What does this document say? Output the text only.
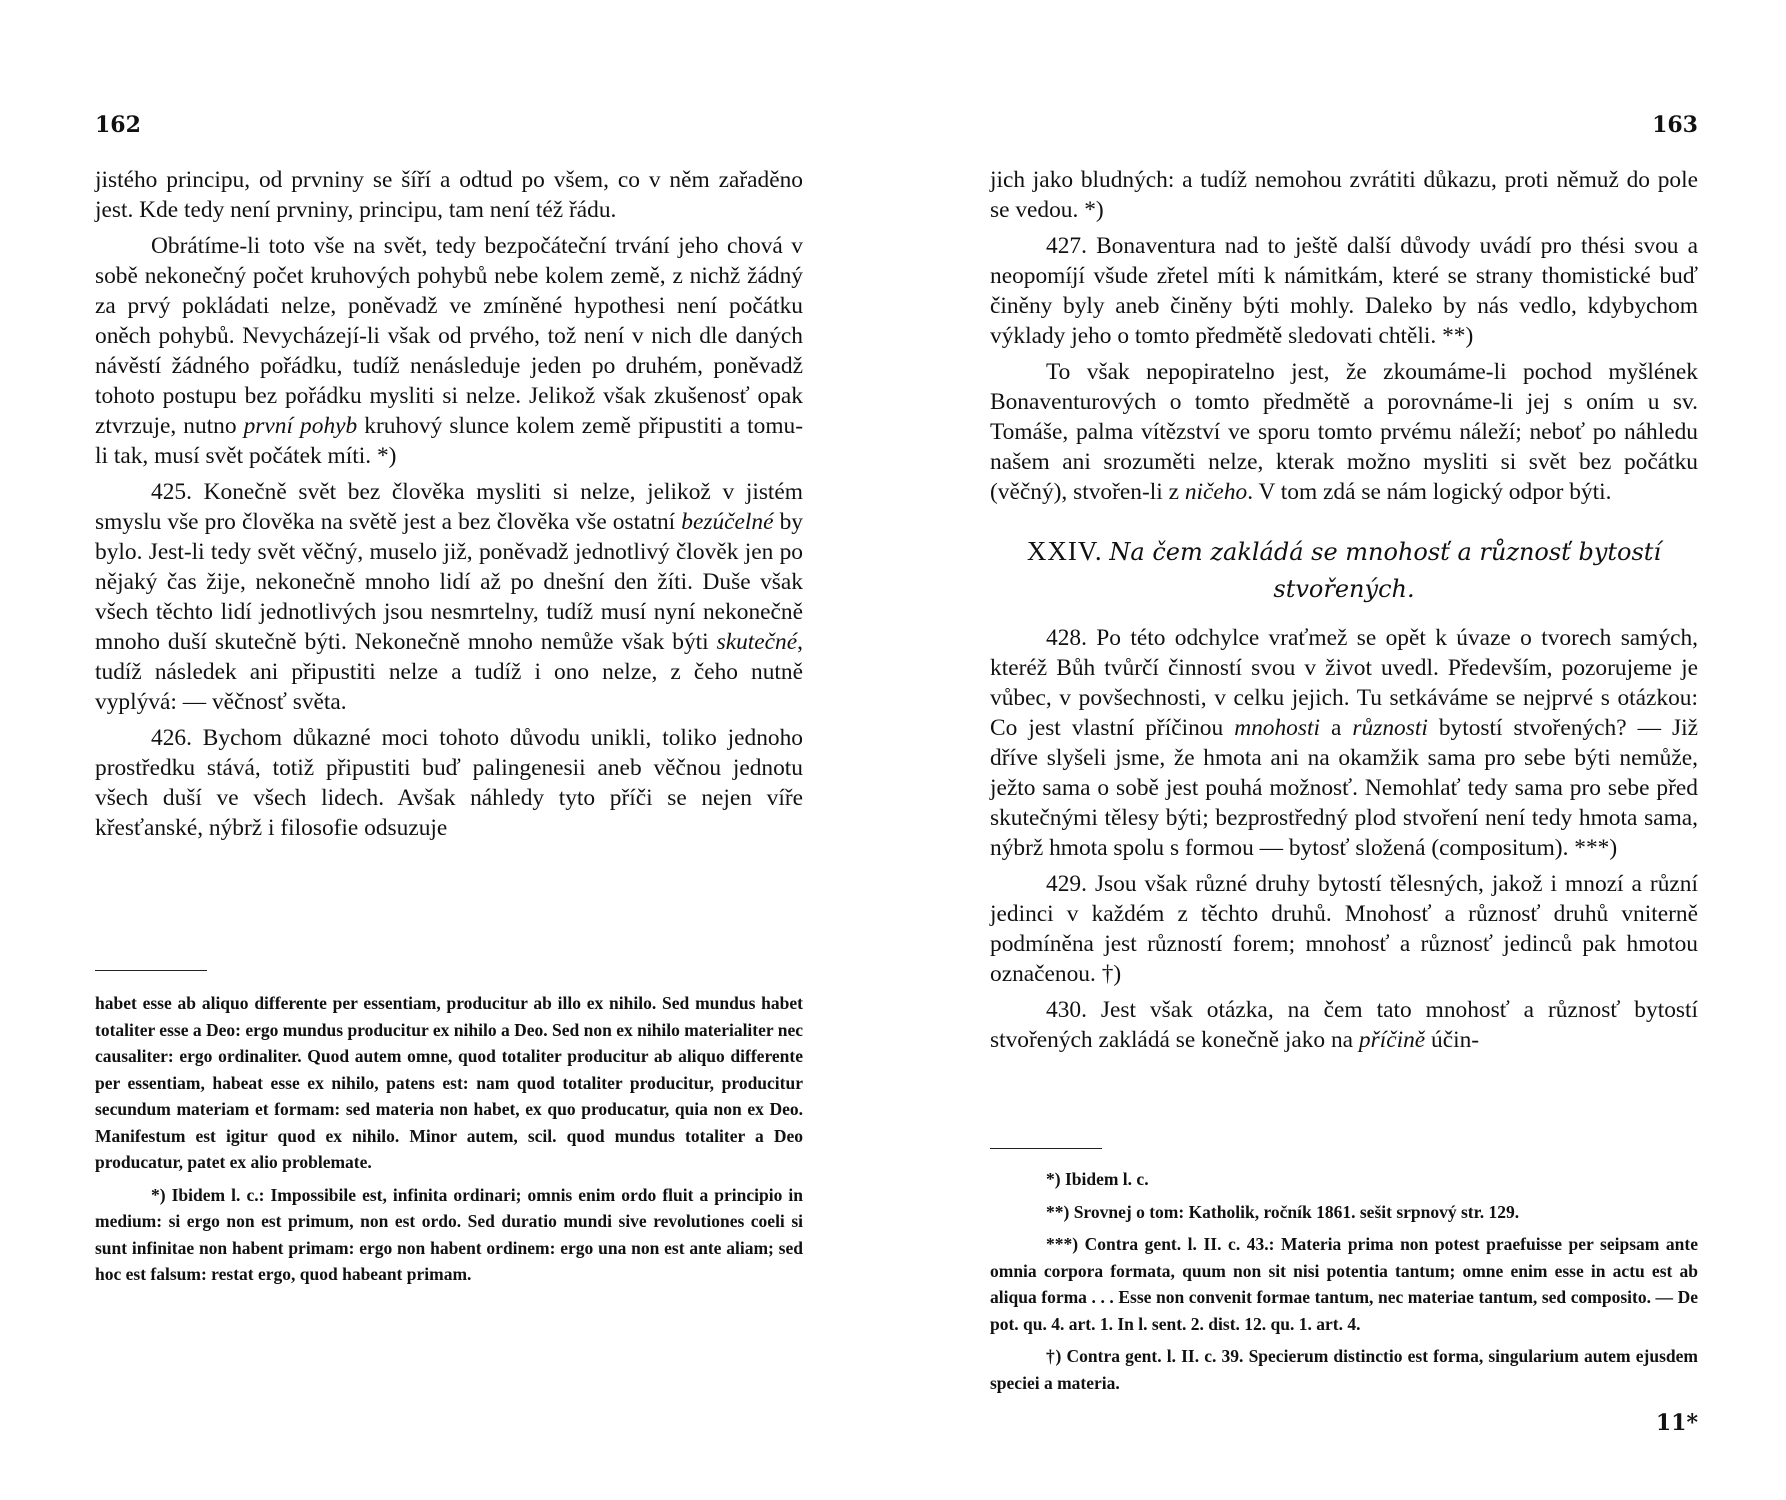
162

jistého principu, od prvniny se šíří a odtud po všem, co v něm zařaděno jest. Kde tedy není prvniny, principu, tam není též řádu.

Obrátíme-li toto vše na svět, tedy bezpočáteční trvání jeho chová v sobě nekonečný počet kruhových pohybů nebe kolem země, z nichž žádný za prvý pokládati nelze, poněvadž ve zmíněné hypothesi není počátku oněch pohybů. Nevycházejí-li však od prvého, tož není v nich dle daných návěstí žádného pořádku, tudíž nenásleduje jeden po druhém, poněvadž tohoto postupu bez pořádku mysliti si nelze. Jelikož však zkušenosť opak ztvrzuje, nutno první pohyb kruhový slunce kolem země připustiti a tomu-li tak, musí svět počátek míti. *)

425. Konečně svět bez člověka mysliti si nelze, jelikož v jistém smyslu vše pro člověka na světě jest a bez člověka vše ostatní bezúčelné by bylo. Jest-li tedy svět věčný, muselo již, poněvadž jednotlivý člověk jen po nějaký čas žije, nekonečně mnoho lidí až po dnešní den žíti. Duše však všech těchto lidí jednotlivých jsou nesmrtelny, tudíž musí nyní nekonečně mnoho duší skutečně býti. Nekonečně mnoho nemůže však býti skutečné, tudíž následek ani připustiti nelze a tudíž i ono nelze, z čeho nutně vyplývá: — věčnosť světa.

426. Bychom důkazné moci tohoto důvodu unikli, toliko jednoho prostředku stává, totiž připustiti buď palingenesii aneb věčnou jednotu všech duší ve všech lidech. Avšak náhledy tyto příči se nejen víře křesťanské, nýbrž i filosofie odsuzuje

habet esse ab aliquo differente per essentiam, producitur ab illo ex nihilo. Sed mundus habet totaliter esse a Deo: ergo mundus producitur ex nihilo a Deo. Sed non ex nihilo materialiter nec causaliter: ergo ordinaliter. Quod autem omne, quod totaliter producitur ab aliquo differente per essentiam, habeat esse ex nihilo, patens est: nam quod totaliter producitur, producitur secundum materiam et formam: sed materia non habet, ex quo producatur, quia non ex Deo. Manifestum est igitur quod ex nihilo. Minor autem, scil. quod mundus totaliter a Deo producatur, patet ex alio problemate.

*) Ibidem l. c.: Impossibile est, infinita ordinari; omnis enim ordo fluit a principio in medium: si ergo non est primum, non est ordo. Sed duratio mundi sive revolutiones coeli si sunt infinitae non habent primam: ergo non habent ordinem: ergo una non est ante aliam; sed hoc est falsum: restat ergo, quod habeant primam.

163

jich jako bludných: a tudíž nemohou zvrátiti důkazu, proti němuž do pole se vedou. *)

427. Bonaventura nad to ještě další důvody uvádí pro thési svou a neopomíjí všude zřetel míti k námitkám, které se strany thomistické buď činěny byly aneb činěny býti mohly. Daleko by nás vedlo, kdybychom výklady jeho o tomto předmětě sledovati chtěli. **)

To však nepopiratelno jest, že zkoumáme-li pochod myšlének Bonaventurových o tomto předmětě a porovnáme-li jej s oním u sv. Tomáše, palma vítězství ve sporu tomto prvému náleží; neboť po náhledu našem ani srozuměti nelze, kterak možno mysliti si svět bez počátku (věčný), stvořen-li z ničeho. V tom zdá se nám logický odpor býti.

XXIV. Na čem zakládá se mnohosť a různosť bytostí stvořených.

428. Po této odchylce vraťmež se opět k úvaze o tvorech samých, kteréž Bůh tvůrčí činností svou v život uvedl. Především, pozorujeme je vůbec, v povšechnosti, v celku jejich. Tu setkáváme se nejprvé s otázkou: Co jest vlastní příčinou mnohosti a různosti bytostí stvořených? — Již dříve slyšeli jsme, že hmota ani na okamžik sama pro sebe býti nemůže, ježto sama o sobě jest pouhá možnosť. Nemohlať tedy sama pro sebe před skutečnými tělesy býti; bezprostředný plod stvoření není tedy hmota sama, nýbrž hmota spolu s formou — bytosť složená (compositum). ***)

429. Jsou však různé druhy bytostí tělesných, jakož i mnozí a různí jedinci v každém z těchto druhů. Mnohosť a různosť druhů vniterně podmíněna jest růzností forem; mnohosť a různosť jedinců pak hmotou označenou. †)

430. Jest však otázka, na čem tato mnohosť a různosť bytostí stvořených zakládá se konečně jako na příčině účin-

*) Ibidem l. c.

**) Srovnej o tom: Katholik, ročník 1861. sešit srpnový str. 129.

***) Contra gent. l. II. c. 43.: Materia prima non potest praefuisse per seipsam ante omnia corpora formata, quum non sit nisi potentia tantum; omne enim esse in actu est ab aliqua forma . . . Esse non convenit formae tantum, nec materiae tantum, sed composito. — De pot. qu. 4. art. 1. In l. sent. 2. dist. 12. qu. 1. art. 4.

†) Contra gent. l. II. c. 39. Specierum distinctio est forma, singularium autem ejusdem speciei a materia.

11*
